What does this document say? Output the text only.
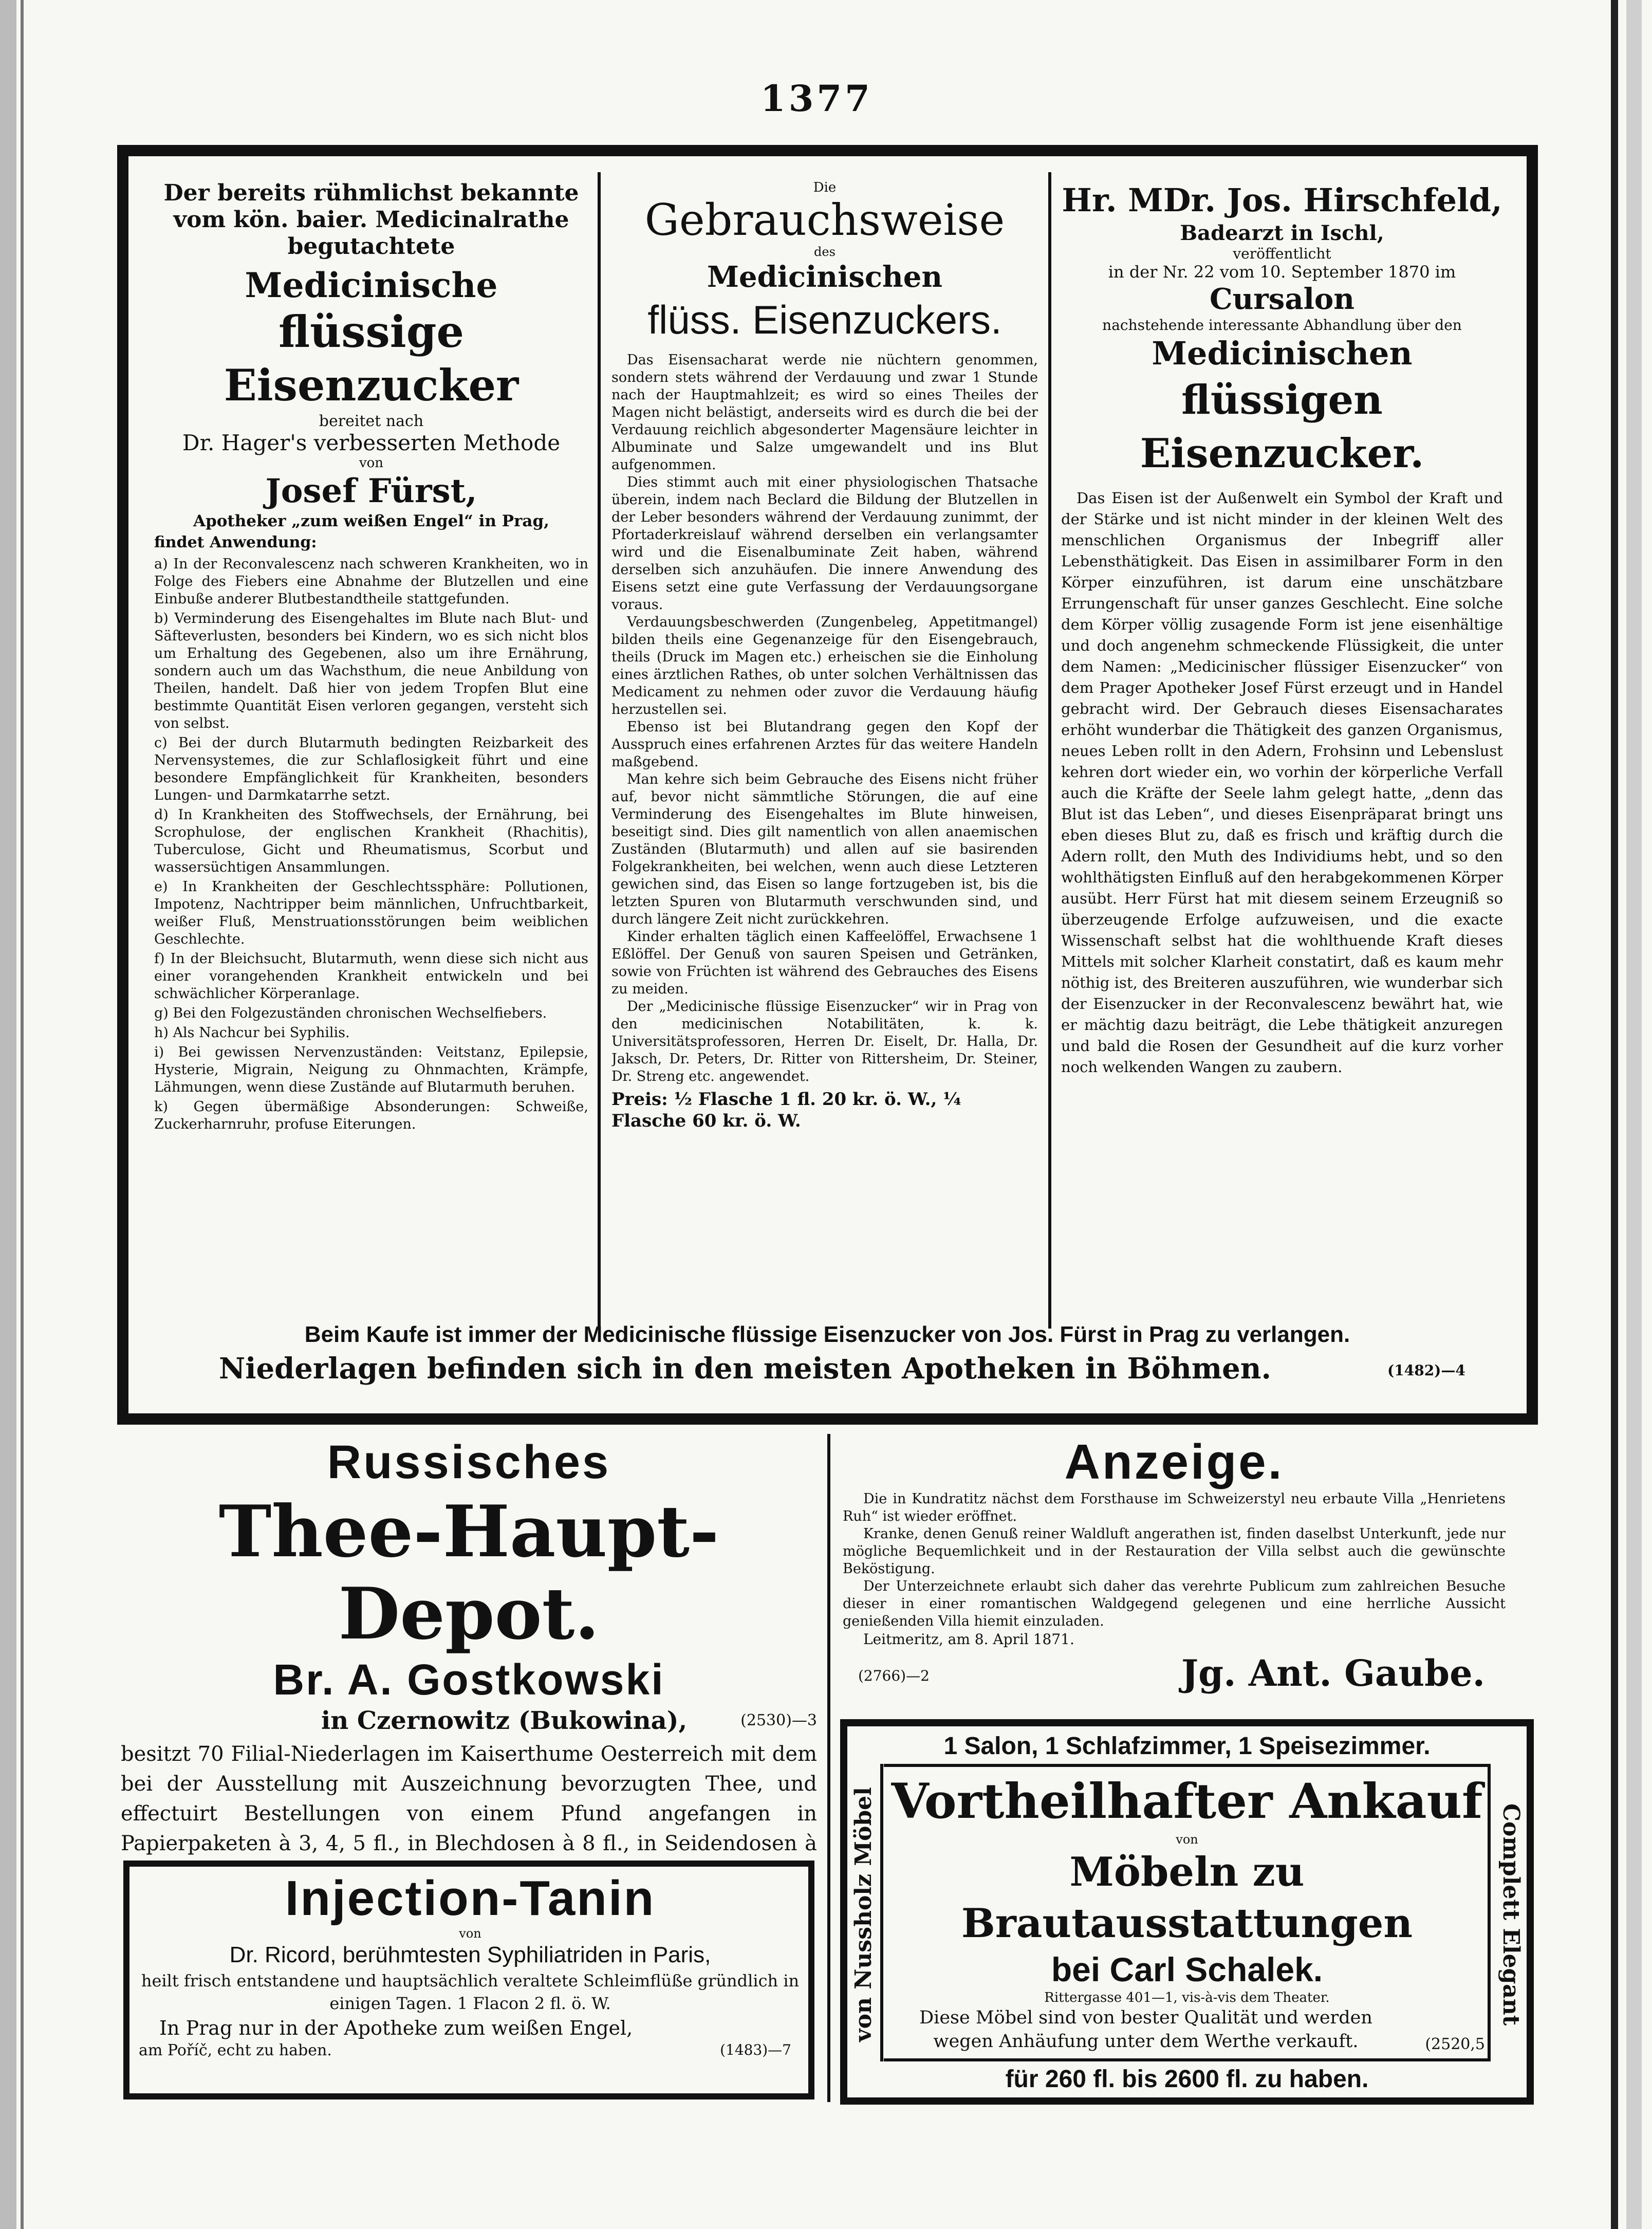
1377
Der bereits rühmlichst bekannte vom kön. baier. Medicinalrathe begutachtete
Medicinische
flüssige Eisenzucker
bereitet nach
Dr. Hager's verbesserten Methode
von
Josef Fürst,
Apotheker „zum weißen Engel“ in Prag,
findet Anwendung:

a) In der Reconvalescenz nach schweren Krankheiten, wo in Folge des Fiebers eine Abnahme der Blutzellen und eine Einbuße anderer Blutbestandtheile stattgefunden.

b) Verminderung des Eisengehaltes im Blute nach Blut- und Säfteverlusten, besonders bei Kindern, wo es sich nicht blos um Erhaltung des Gegebenen, also um ihre Ernährung, sondern auch um das Wachsthum, die neue Anbildung von Theilen, handelt. Daß hier von jedem Tropfen Blut eine bestimmte Quantität Eisen verloren gegangen, versteht sich von selbst.

c) Bei der durch Blutarmuth bedingten Reizbarkeit des Nervensystemes, die zur Schlaflosigkeit führt und eine besondere Empfänglichkeit für Krankheiten, besonders Lungen- und Darmkatarrhe setzt.

d) In Krankheiten des Stoffwechsels, der Ernährung, bei Scrophulose, der englischen Krankheit (Rhachitis), Tuberculose, Gicht und Rheumatismus, Scorbut und wassersüchtigen Ansammlungen.

e) In Krankheiten der Geschlechtssphäre: Pollutionen, Impotenz, Nachtripper beim männlichen, Unfruchtbarkeit, weißer Fluß, Menstruationsstörungen beim weiblichen Geschlechte.

f) In der Bleichsucht, Blutarmuth, wenn diese sich nicht aus einer vorangehenden Krankheit entwickeln und bei schwächlicher Körperanlage.

g) Bei den Folgezuständen chronischen Wechselfiebers.

h) Als Nachcur bei Syphilis.

i) Bei gewissen Nervenzuständen: Veitstanz, Epilepsie, Hysterie, Migrain, Neigung zu Ohnmachten, Krämpfe, Lähmungen, wenn diese Zustände auf Blutarmuth beruhen.

k) Gegen übermäßige Absonderungen: Schweiße, Zuckerharnruhr, profuse Eiterungen.

Die
Gebrauchsweise
des
Medicinischen
flüss. Eisenzuckers.

Das Eisensacharat werde nie nüchtern genommen, sondern stets während der Verdauung und zwar 1 Stunde nach der Hauptmahlzeit; es wird so eines Theiles der Magen nicht belästigt, anderseits wird es durch die bei der Verdauung reichlich abgesonderter Magensäure leichter in Albuminate und Salze umgewandelt und ins Blut aufgenommen.

Dies stimmt auch mit einer physiologischen Thatsache überein, indem nach Beclard die Bildung der Blutzellen in der Leber besonders während der Verdauung zunimmt, der Pfortaderkreislauf während derselben ein verlangsamter wird und die Eisenalbuminate Zeit haben, während derselben sich anzuhäufen. Die innere Anwendung des Eisens setzt eine gute Verfassung der Verdauungsorgane voraus.

Verdauungsbeschwerden (Zungenbeleg, Appetitmangel) bilden theils eine Gegenanzeige für den Eisengebrauch, theils (Druck im Magen etc.) erheischen sie die Einholung eines ärztlichen Rathes, ob unter solchen Verhältnissen das Medicament zu nehmen oder zuvor die Verdauung häufig herzustellen sei.

Ebenso ist bei Blutandrang gegen den Kopf der Ausspruch eines erfahrenen Arztes für das weitere Handeln maßgebend.

Man kehre sich beim Gebrauche des Eisens nicht früher auf, bevor nicht sämmtliche Störungen, die auf eine Verminderung des Eisengehaltes im Blute hinweisen, beseitigt sind. Dies gilt namentlich von allen anaemischen Zuständen (Blutarmuth) und allen auf sie basirenden Folgekrankheiten, bei welchen, wenn auch diese Letzteren gewichen sind, das Eisen so lange fortzugeben ist, bis die letzten Spuren von Blutarmuth verschwunden sind, und durch längere Zeit nicht zurückkehren.

Kinder erhalten täglich einen Kaffeelöffel, Erwachsene 1 Eßlöffel. Der Genuß von sauren Speisen und Getränken, sowie von Früchten ist während des Gebrauches des Eisens zu meiden.

Der „Medicinische flüssige Eisenzucker“ wir in Prag von den medicinischen Notabilitäten, k. k. Universitätsprofessoren, Herren Dr. Eiselt, Dr. Halla, Dr. Jaksch, Dr. Peters, Dr. Ritter von Rittersheim, Dr. Steiner, Dr. Streng etc. angewendet.

Preis: ½ Flasche 1 fl. 20 kr. ö. W., ¼ Flasche 60 kr. ö. W.
Hr. MDr. Jos. Hirschfeld,
Badearzt in Ischl,
veröffentlicht
in der Nr. 22 vom 10. September 1870 im
Cursalon
nachstehende interessante Abhandlung über den
Medicinischen
flüssigen Eisenzucker.
Das Eisen ist der Außenwelt ein Symbol der Kraft und der Stärke und ist nicht minder in der kleinen Welt des menschlichen Organismus der Inbegriff aller Lebensthätigkeit. Das Eisen in assimilbarer Form in den Körper einzuführen, ist darum eine unschätzbare Errungenschaft für unser ganzes Geschlecht. Eine solche dem Körper völlig zusagende Form ist jene eisenhältige und doch angenehm schmeckende Flüssigkeit, die unter dem Namen: „Medicinischer flüssiger Eisenzucker“ von dem Prager Apotheker Josef Fürst erzeugt und in Handel gebracht wird. Der Gebrauch dieses Eisensacharates erhöht wunderbar die Thätigkeit des ganzen Organismus, neues Leben rollt in den Adern, Frohsinn und Lebenslust kehren dort wieder ein, wo vorhin der körperliche Verfall auch die Kräfte der Seele lahm gelegt hatte, „denn das Blut ist das Leben“, und dieses Eisenpräparat bringt uns eben dieses Blut zu, daß es frisch und kräftig durch die Adern rollt, den Muth des Individiums hebt, und so den wohlthätigsten Einfluß auf den herabgekommenen Körper ausübt. Herr Fürst hat mit diesem seinem Erzeugniß so überzeugende Erfolge aufzuweisen, und die exacte Wissenschaft selbst hat die wohlthuende Kraft dieses Mittels mit solcher Klarheit constatirt, daß es kaum mehr nöthig ist, des Breiteren auszuführen, wie wunderbar sich der Eisenzucker in der Reconvalescenz bewährt hat, wie er mächtig dazu beiträgt, die Lebe thätigkeit anzuregen und bald die Rosen der Gesundheit auf die kurz vorher noch welkenden Wangen zu zaubern.
Beim Kaufe ist immer der Medicinische flüssige Eisenzucker von Jos. Fürst in Prag zu verlangen.
Niederlagen befinden sich in den meisten Apotheken in Böhmen.	(1482)—4
Russisches
Thee-Haupt-Depot.
Br. A. Gostkowski
in Czernowitz (Bukowina),	(2530)—3
besitzt 70 Filial-Niederlagen im Kaiserthume Oesterreich mit dem bei der Ausstellung mit Auszeichnung bevorzugten Thee, und effectuirt Bestellungen von einem Pfund angefangen in Papierpaketen à 3, 4, 5 fl., in Blechdosen à 8 fl., in Seidendosen à
Injection-Tanin
von
Dr. Ricord, berühmtesten Syphiliatriden in Paris,
heilt frisch entstandene und hauptsächlich veraltete Schleimflüße gründlich in einigen Tagen. 1 Flacon 2 fl. ö. W.
In Prag nur in der Apotheke zum weißen Engel,
am Poříč, echt zu haben.	(1483)—7
Anzeige.
Die in Kundratitz nächst dem Forsthause im Schweizerstyl neu erbaute Villa „Henrietens Ruh“ ist wieder eröffnet.
Kranke, denen Genuß reiner Waldluft angerathen ist, finden daselbst Unterkunft, jede nur mögliche Bequemlichkeit und in der Restauration der Villa selbst auch die gewünschte Beköstigung.
Der Unterzeichnete erlaubt sich daher das verehrte Publicum zum zahlreichen Besuche dieser in einer romantischen Waldgegend gelegenen und eine herrliche Aussicht genießenden Villa hiemit einzuladen.
Leitmeritz, am 8. April 1871.
(2766)—2	Jg. Ant. Gaube.
1 Salon, 1 Schlafzimmer, 1 Speisezimmer.
von Nussholz Möbel	Complett Elegant
Vortheilhafter Ankauf
von
Möbeln zu Brautausstattungen
bei Carl Schalek.
Rittergasse 401—1, vis-à-vis dem Theater.
Diese Möbel sind von bester Qualität und werden wegen Anhäufung unter dem Werthe verkauft.	(2520,5
für 260 fl. bis 2600 fl. zu haben.
